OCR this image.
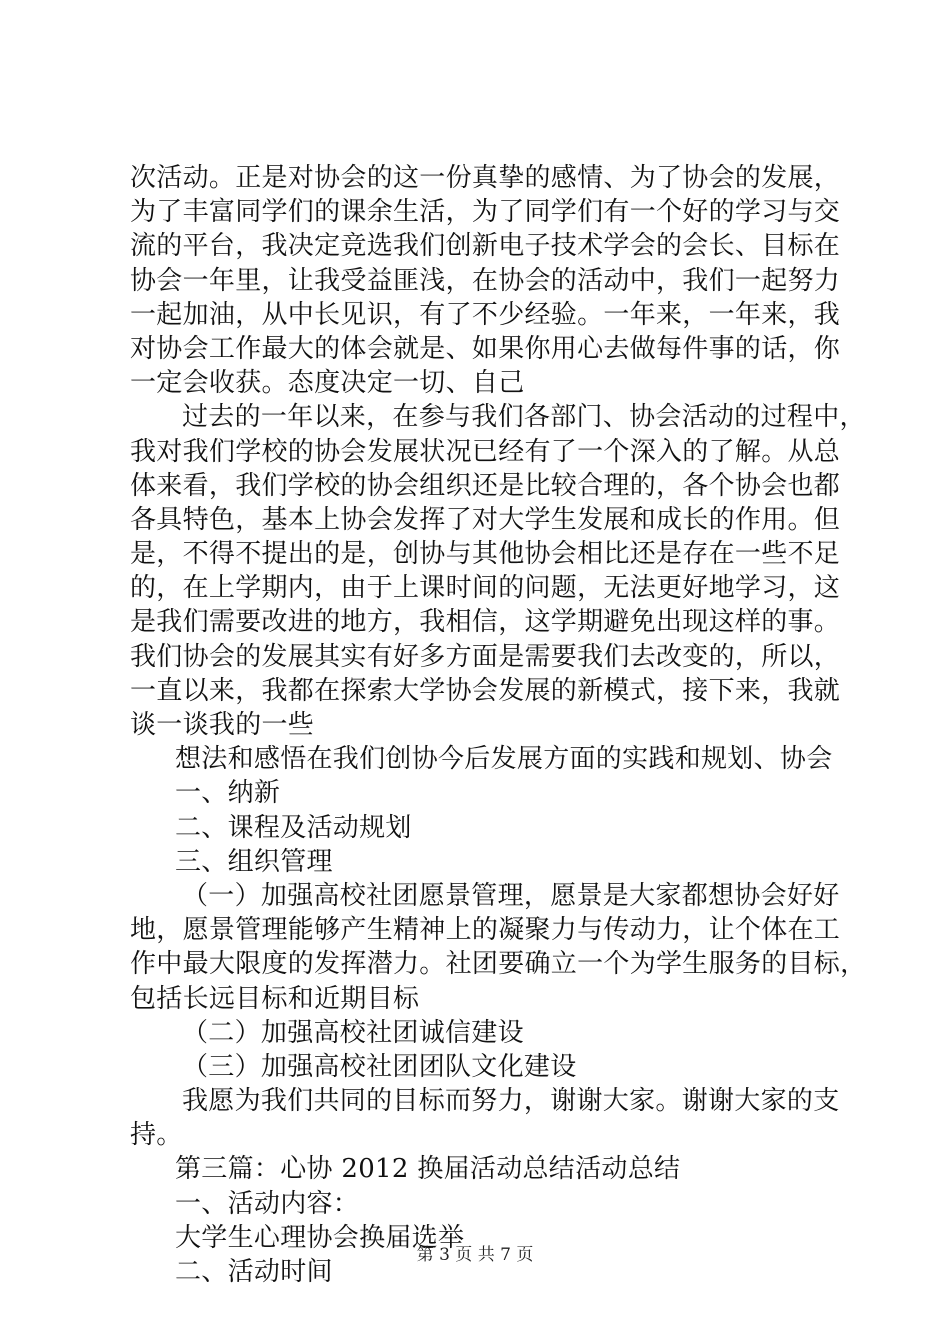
次活动。正是对协会的这一份真挚的感情、为了协会的发展，
为了丰富同学们的课余生活，为了同学们有一个好的学习与交
流的平台，我决定竞选我们创新电子技术学会的会长、目标在
协会一年里，让我受益匪浅，在协会的活动中，我们一起努力
一起加油，从中长见识，有了不少经验。一年来，一年来，我
对协会工作最大的体会就是、如果你用心去做每件事的话，你
一定会收获。态度决定一切、自己
过去的一年以来，在参与我们各部门、协会活动的过程中，
我对我们学校的协会发展状况已经有了一个深入的了解。从总
体来看，我们学校的协会组织还是比较合理的，各个协会也都
各具特色，基本上协会发挥了对大学生发展和成长的作用。但
是，不得不提出的是，创协与其他协会相比还是存在一些不足
的，在上学期内，由于上课时间的问题，无法更好地学习，这
是我们需要改进的地方，我相信，这学期避免出现这样的事。
我们协会的发展其实有好多方面是需要我们去改变的，所以，
一直以来，我都在探索大学协会发展的新模式，接下来，我就
谈一谈我的一些
想法和感悟在我们创协今后发展方面的实践和规划、协会
一、纳新
二、课程及活动规划
三、组织管理
（一）加强高校社团愿景管理，愿景是大家都想协会好好
地，愿景管理能够产生精神上的凝聚力与传动力，让个体在工
作中最大限度的发挥潜力。社团要确立一个为学生服务的目标，
包括长远目标和近期目标
（二）加强高校社团诚信建设
（三）加强高校社团团队文化建设
我愿为我们共同的目标而努力，谢谢大家。谢谢大家的支
持。
第三篇：心协 2012 换届活动总结活动总结
一、活动内容：
大学生心理协会换届选举
二、活动时间
第 3 页 共 7 页
